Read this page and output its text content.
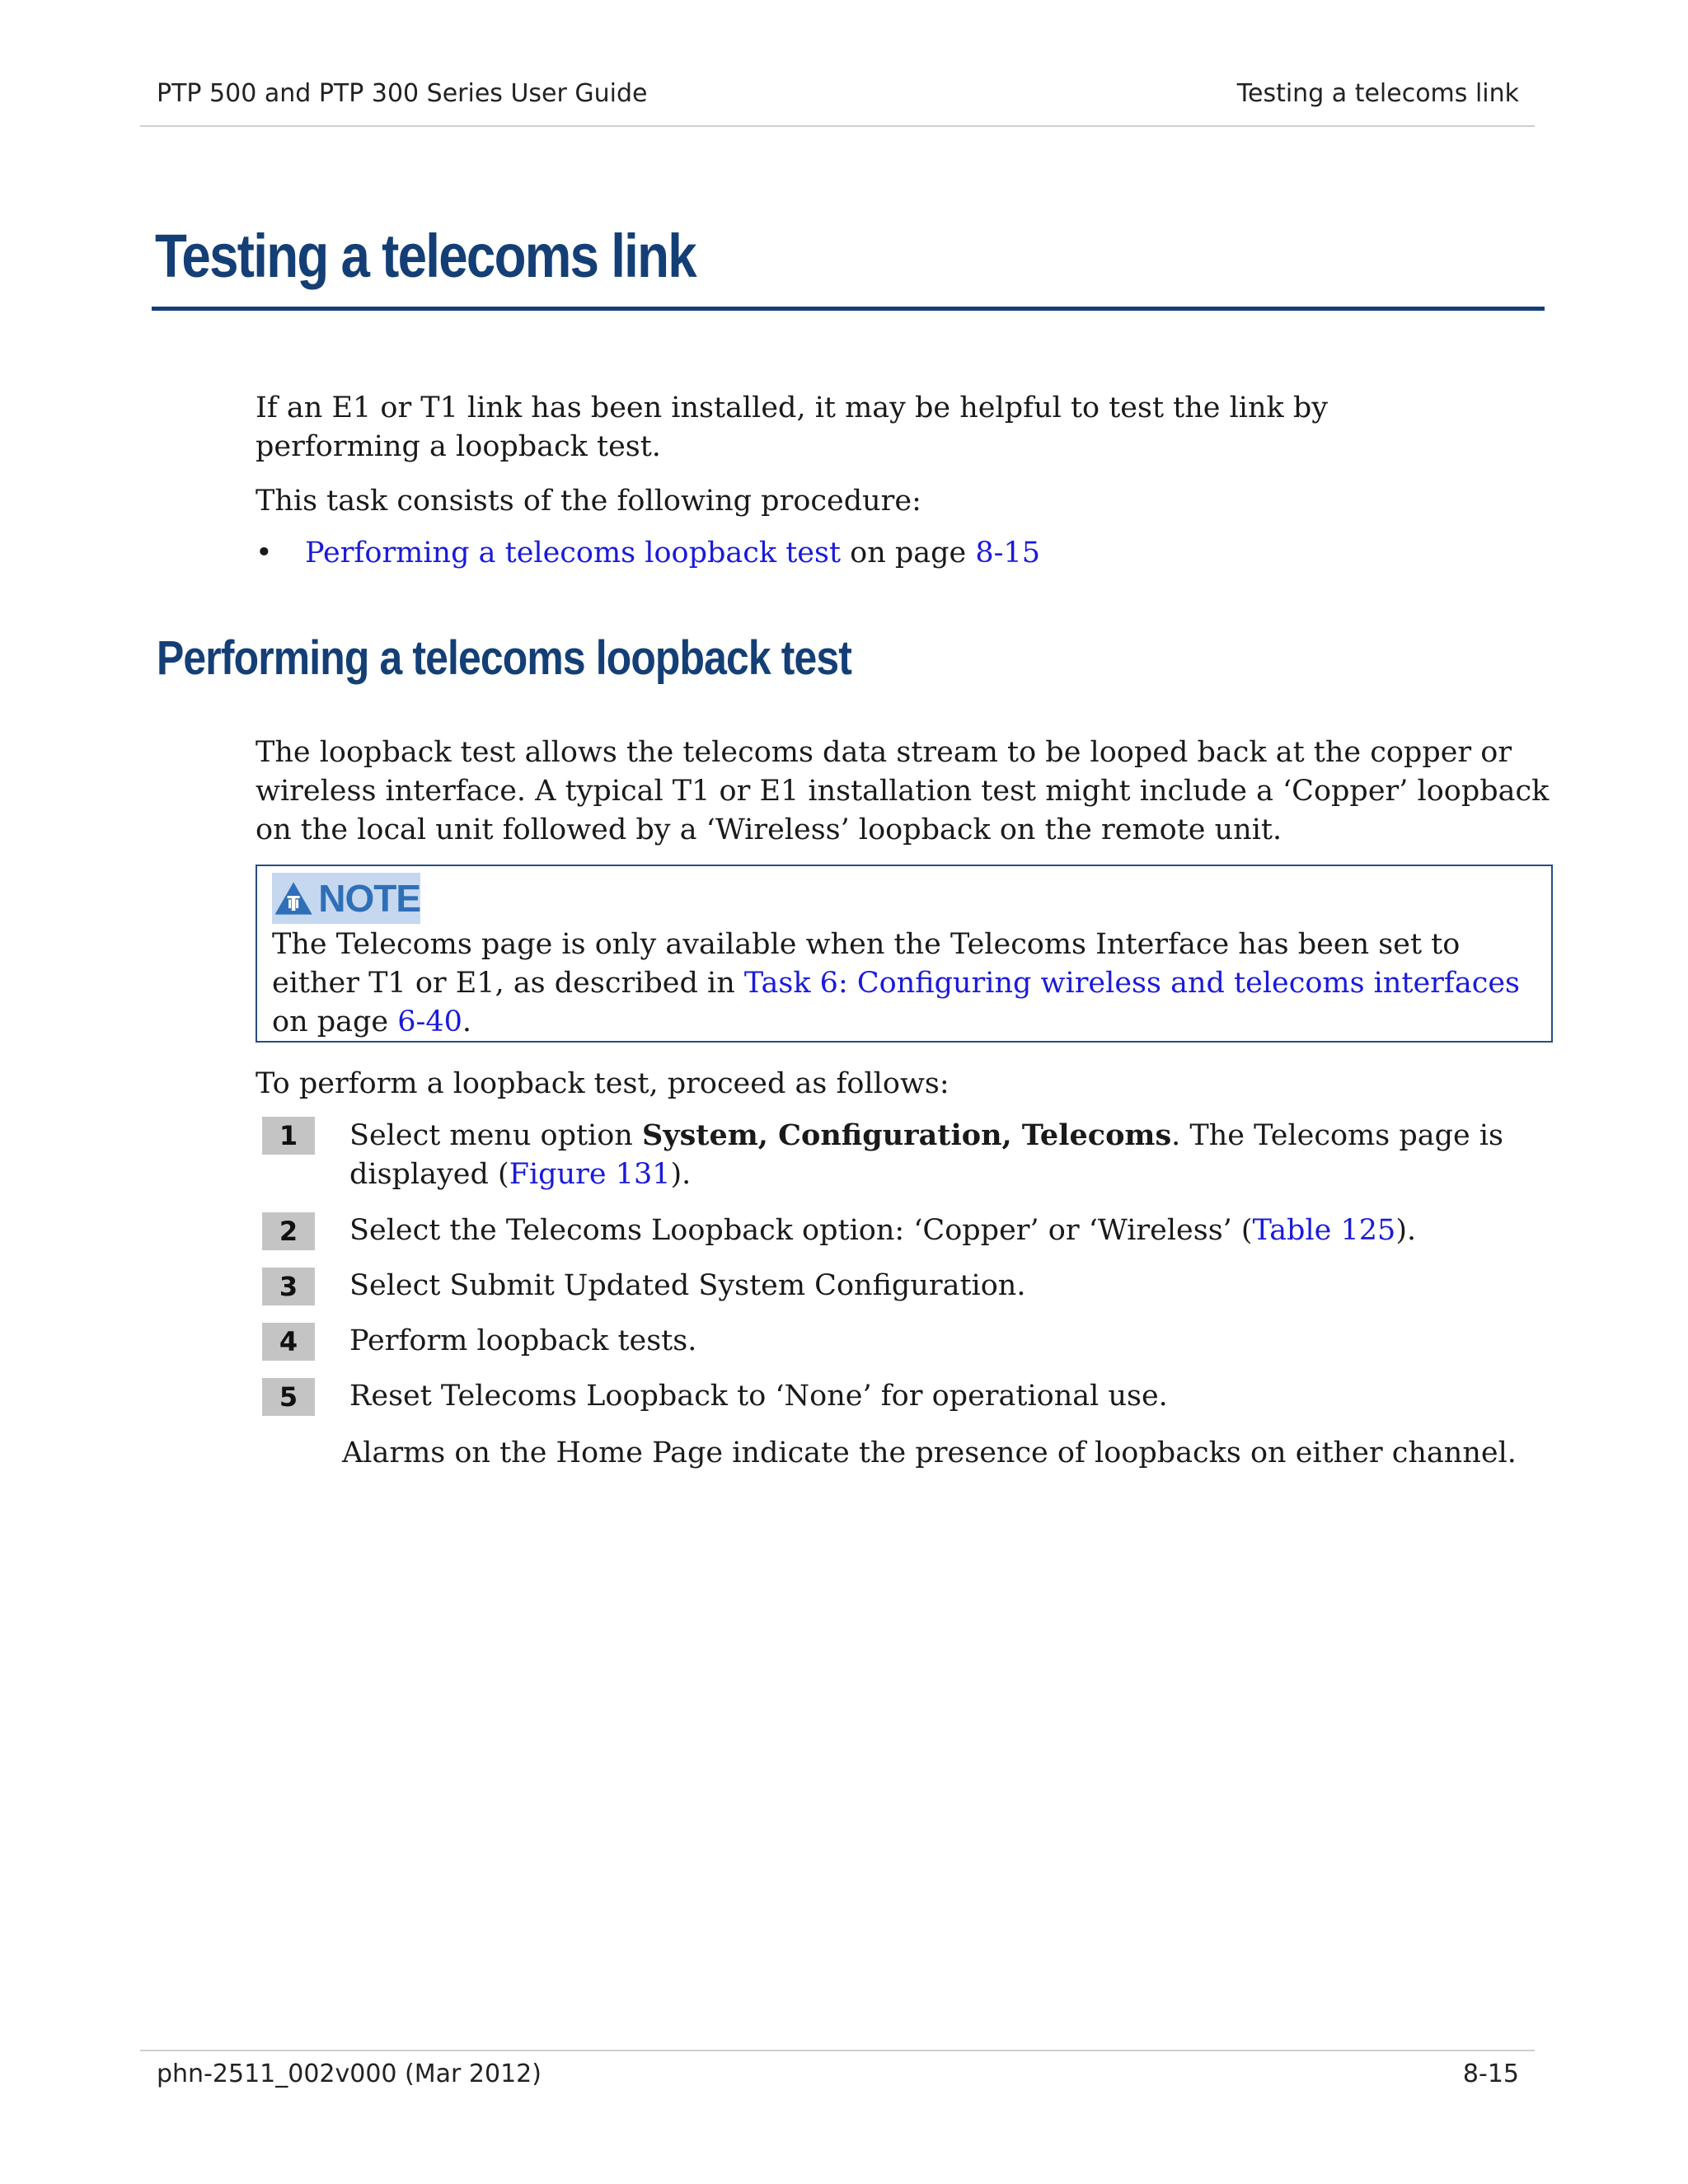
PTP 500 and PTP 300 Series User Guide	Testing a telecoms link
Testing a telecoms link

If an E1 or T1 link has been installed, it may be helpful to test the link by performing a loopback test.

This task consists of the following procedure:

•	Performing a telecoms loopback test on page 8-15
Performing a telecoms loopback test

The loopback test allows the telecoms data stream to be looped back at the copper or wireless interface. A typical T1 or E1 installation test might include a ‘Copper’ loopback on the local unit followed by a ‘Wireless’ loopback on the remote unit.

NOTE
The Telecoms page is only available when the Telecoms Interface has been set to either T1 or E1, as described in Task 6: Configuring wireless and telecoms interfaces on page 6-40.

To perform a loopback test, proceed as follows:

1	Select menu option System, Configuration, Telecoms. The Telecoms page is displayed (Figure 131).
2	Select the Telecoms Loopback option: ‘Copper’ or ‘Wireless’ (Table 125).
3	Select Submit Updated System Configuration.
4	Perform loopback tests.
5	Reset Telecoms Loopback to ‘None’ for operational use.
Alarms on the Home Page indicate the presence of loopbacks on either channel.
phn-2511_002v000 (Mar 2012)	8-15
